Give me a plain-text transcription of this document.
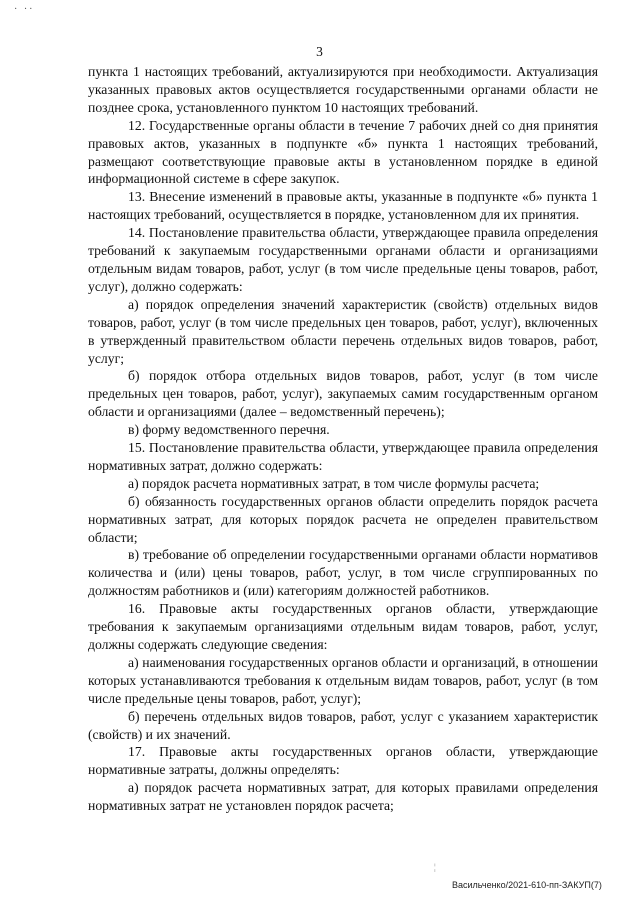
· ··
3

пункта 1 настоящих требований, актуализируются при необходимости. Актуализация указанных правовых актов осуществляется государственными органами области не позднее срока, установленного пунктом 10 настоящих требований.

12. Государственные органы области в течение 7 рабочих дней со дня принятия правовых актов, указанных в подпункте «б» пункта 1 настоящих требований, размещают соответствующие правовые акты в установленном порядке в единой информационной системе в сфере закупок.

13. Внесение изменений в правовые акты, указанные в подпункте «б» пункта 1 настоящих требований, осуществляется в порядке, установленном для их принятия.

14. Постановление правительства области, утверждающее правила определения требований к закупаемым государственными органами области и организациями отдельным видам товаров, работ, услуг (в том числе предельные цены товаров, работ, услуг), должно содержать:

а) порядок определения значений характеристик (свойств) отдельных видов товаров, работ, услуг (в том числе предельных цен товаров, работ, услуг), включенных в утвержденный правительством области перечень отдельных видов товаров, работ, услуг;

б) порядок отбора отдельных видов товаров, работ, услуг (в том числе предельных цен товаров, работ, услуг), закупаемых самим государственным органом области и организациями (далее – ведомственный перечень);

в) форму ведомственного перечня.

15. Постановление правительства области, утверждающее правила определения нормативных затрат, должно содержать:

а) порядок расчета нормативных затрат, в том числе формулы расчета;

б) обязанность государственных органов области определить порядок расчета нормативных затрат, для которых порядок расчета не определен правительством области;

в) требование об определении государственными органами области нормативов количества и (или) цены товаров, работ, услуг, в том числе сгруппированных по должностям работников и (или) категориям должностей работников.

16. Правовые акты государственных органов области, утверждающие требования к закупаемым организациями отдельным видам товаров, работ, услуг, должны содержать следующие сведения:

а) наименования государственных органов области и организаций, в отношении которых устанавливаются требования к отдельным видам товаров, работ, услуг (в том числе предельные цены товаров, работ, услуг);

б) перечень отдельных видов товаров, работ, услуг с указанием характеристик (свойств) и их значений.

17. Правовые акты государственных органов области, утверждающие нормативные затраты, должны определять:

а) порядок расчета нормативных затрат, для которых правилами определения нормативных затрат не установлен порядок расчета;

¦
Васильченко/2021-610-пп-ЗАКУП(7)
